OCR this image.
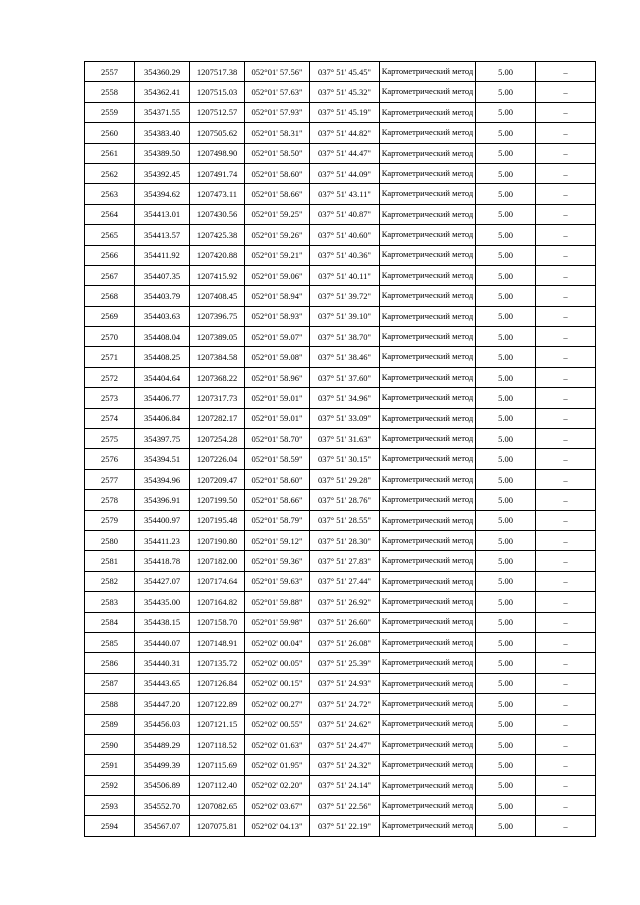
2557	354360.29	1207517.38	052°01' 57.56"	037° 51' 45.45"	Картометрический метод	5.00	–
2558	354362.41	1207515.03	052°01' 57.63"	037° 51' 45.32"	Картометрический метод	5.00	–
2559	354371.55	1207512.57	052°01' 57.93"	037° 51' 45.19"	Картометрический метод	5.00	–
2560	354383.40	1207505.62	052°01' 58.31"	037° 51' 44.82"	Картометрический метод	5.00	–
2561	354389.50	1207498.90	052°01' 58.50"	037° 51' 44.47"	Картометрический метод	5.00	–
2562	354392.45	1207491.74	052°01' 58.60"	037° 51' 44.09"	Картометрический метод	5.00	–
2563	354394.62	1207473.11	052°01' 58.66"	037° 51' 43.11"	Картометрический метод	5.00	–
2564	354413.01	1207430.56	052°01' 59.25"	037° 51' 40.87"	Картометрический метод	5.00	–
2565	354413.57	1207425.38	052°01' 59.26"	037° 51' 40.60"	Картометрический метод	5.00	–
2566	354411.92	1207420.88	052°01' 59.21"	037° 51' 40.36"	Картометрический метод	5.00	–
2567	354407.35	1207415.92	052°01' 59.06"	037° 51' 40.11"	Картометрический метод	5.00	–
2568	354403.79	1207408.45	052°01' 58.94"	037° 51' 39.72"	Картометрический метод	5.00	–
2569	354403.63	1207396.75	052°01' 58.93"	037° 51' 39.10"	Картометрический метод	5.00	–
2570	354408.04	1207389.05	052°01' 59.07"	037° 51' 38.70"	Картометрический метод	5.00	–
2571	354408.25	1207384.58	052°01' 59.08"	037° 51' 38.46"	Картометрический метод	5.00	–
2572	354404.64	1207368.22	052°01' 58.96"	037° 51' 37.60"	Картометрический метод	5.00	–
2573	354406.77	1207317.73	052°01' 59.01"	037° 51' 34.96"	Картометрический метод	5.00	–
2574	354406.84	1207282.17	052°01' 59.01"	037° 51' 33.09"	Картометрический метод	5.00	–
2575	354397.75	1207254.28	052°01' 58.70"	037° 51' 31.63"	Картометрический метод	5.00	–
2576	354394.51	1207226.04	052°01' 58.59"	037° 51' 30.15"	Картометрический метод	5.00	–
2577	354394.96	1207209.47	052°01' 58.60"	037° 51' 29.28"	Картометрический метод	5.00	–
2578	354396.91	1207199.50	052°01' 58.66"	037° 51' 28.76"	Картометрический метод	5.00	–
2579	354400.97	1207195.48	052°01' 58.79"	037° 51' 28.55"	Картометрический метод	5.00	–
2580	354411.23	1207190.80	052°01' 59.12"	037° 51' 28.30"	Картометрический метод	5.00	–
2581	354418.78	1207182.00	052°01' 59.36"	037° 51' 27.83"	Картометрический метод	5.00	–
2582	354427.07	1207174.64	052°01' 59.63"	037° 51' 27.44"	Картометрический метод	5.00	–
2583	354435.00	1207164.82	052°01' 59.88"	037° 51' 26.92"	Картометрический метод	5.00	–
2584	354438.15	1207158.70	052°01' 59.98"	037° 51' 26.60"	Картометрический метод	5.00	–
2585	354440.07	1207148.91	052°02' 00.04"	037° 51' 26.08"	Картометрический метод	5.00	–
2586	354440.31	1207135.72	052°02' 00.05"	037° 51' 25.39"	Картометрический метод	5.00	–
2587	354443.65	1207126.84	052°02' 00.15"	037° 51' 24.93"	Картометрический метод	5.00	–
2588	354447.20	1207122.89	052°02' 00.27"	037° 51' 24.72"	Картометрический метод	5.00	–
2589	354456.03	1207121.15	052°02' 00.55"	037° 51' 24.62"	Картометрический метод	5.00	–
2590	354489.29	1207118.52	052°02' 01.63"	037° 51' 24.47"	Картометрический метод	5.00	–
2591	354499.39	1207115.69	052°02' 01.95"	037° 51' 24.32"	Картометрический метод	5.00	–
2592	354506.89	1207112.40	052°02' 02.20"	037° 51' 24.14"	Картометрический метод	5.00	–
2593	354552.70	1207082.65	052°02' 03.67"	037° 51' 22.56"	Картометрический метод	5.00	–
2594	354567.07	1207075.81	052°02' 04.13"	037° 51' 22.19"	Картометрический метод	5.00	–
